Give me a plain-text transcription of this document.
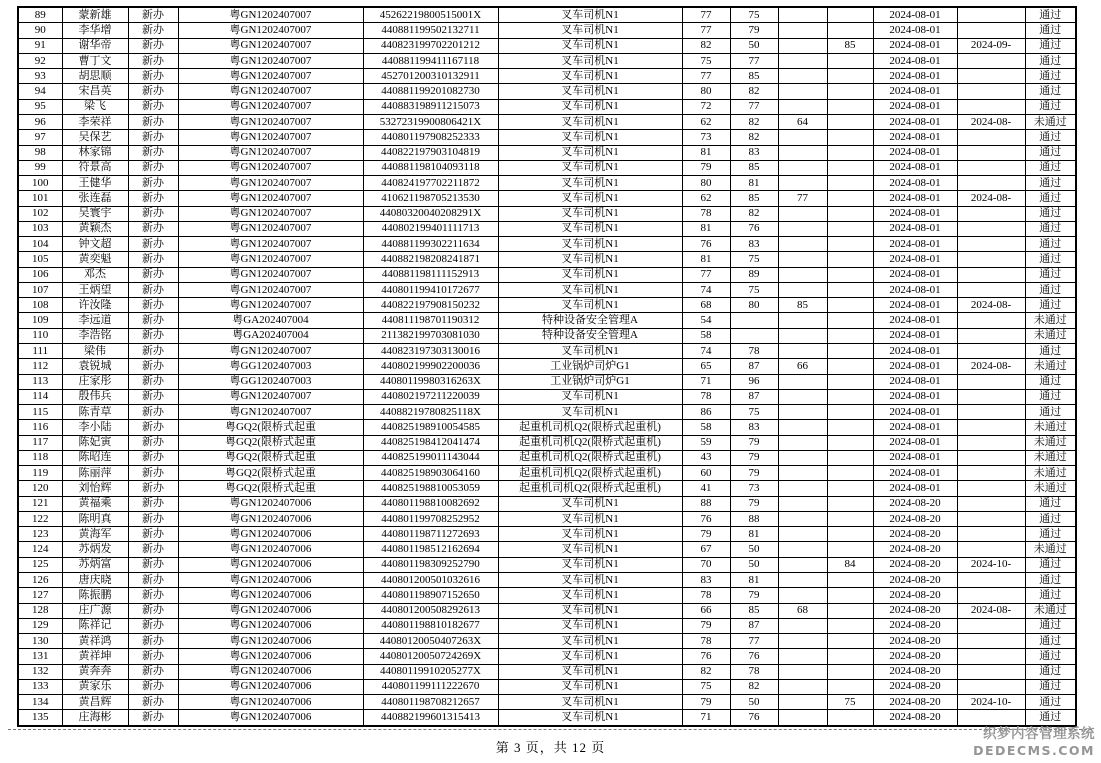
89	蒙新雄	新办	粤GN1202407007	45262219800515001X	叉车司机N1	77	75			2024-08-01		通过
90	李华增	新办	粤GN1202407007	440881199502132711	叉车司机N1	77	79			2024-08-01		通过
91	谢华帝	新办	粤GN1202407007	440823199702201212	叉车司机N1	82	50		85	2024-08-01	2024-09-	通过
92	曹丁文	新办	粤GN1202407007	440881199411167118	叉车司机N1	75	77			2024-08-01		通过
93	胡思顺	新办	粤GN1202407007	452701200310132911	叉车司机N1	77	85			2024-08-01		通过
94	宋昌英	新办	粤GN1202407007	440881199201082730	叉车司机N1	80	82			2024-08-01		通过
95	梁飞	新办	粤GN1202407007	440883198911215073	叉车司机N1	72	77			2024-08-01		通过
96	李荣祥	新办	粤GN1202407007	53272319900806421X	叉车司机N1	62	82	64		2024-08-01	2024-08-	未通过
97	吴保艺	新办	粤GN1202407007	440801197908252333	叉车司机N1	73	82			2024-08-01		通过
98	林家锦	新办	粤GN1202407007	440822197903104819	叉车司机N1	81	83			2024-08-01		通过
99	符景高	新办	粤GN1202407007	440881198104093118	叉车司机N1	79	85			2024-08-01		通过
100	王健华	新办	粤GN1202407007	440824197702211872	叉车司机N1	80	81			2024-08-01		通过
101	张连磊	新办	粤GN1202407007	410621198705213530	叉车司机N1	62	85	77		2024-08-01	2024-08-	通过
102	吴寰宇	新办	粤GN1202407007	44080320040208291X	叉车司机N1	78	82			2024-08-01		通过
103	黄颖杰	新办	粤GN1202407007	440802199401111713	叉车司机N1	81	76			2024-08-01		通过
104	钟文超	新办	粤GN1202407007	440881199302211634	叉车司机N1	76	83			2024-08-01		通过
105	黄奕魁	新办	粤GN1202407007	440882198208241871	叉车司机N1	81	75			2024-08-01		通过
106	邓杰	新办	粤GN1202407007	440881198111152913	叉车司机N1	77	89			2024-08-01		通过
107	王炳望	新办	粤GN1202407007	440801199410172677	叉车司机N1	74	75			2024-08-01		通过
108	许汝隆	新办	粤GN1202407007	440822197908150232	叉车司机N1	68	80	85		2024-08-01	2024-08-	通过
109	李远道	新办	粤GA202407004	440811198701190312	特种设备安全管理A	54				2024-08-01		未通过
110	李浩铭	新办	粤GA202407004	211382199703081030	特种设备安全管理A	58				2024-08-01		未通过
111	梁伟	新办	粤GN1202407007	440823197303130016	叉车司机N1	74	78			2024-08-01		通过
112	袁锐城	新办	粤GG1202407003	440802199902200036	工业锅炉司炉G1	65	87	66		2024-08-01	2024-08-	未通过
113	庄家彤	新办	粤GG1202407003	44080119980316263X	工业锅炉司炉G1	71	96			2024-08-01		通过
114	殷伟兵	新办	粤GN1202407007	440802197211220039	叉车司机N1	78	87			2024-08-01		通过
115	陈青草	新办	粤GN1202407007	44088219780825118X	叉车司机N1	86	75			2024-08-01		通过
116	李小陆	新办	粤GQ2(限桥式起重	440825198910054585	起重机司机Q2(限桥式起重机)	58	83			2024-08-01		未通过
117	陈妃寅	新办	粤GQ2(限桥式起重	440825198412041474	起重机司机Q2(限桥式起重机)	59	79			2024-08-01		未通过
118	陈昭连	新办	粤GQ2(限桥式起重	440825199011143044	起重机司机Q2(限桥式起重机)	43	79			2024-08-01		未通过
119	陈丽萍	新办	粤GQ2(限桥式起重	440825198903064160	起重机司机Q2(限桥式起重机)	60	79			2024-08-01		未通过
120	刘怡辉	新办	粤GQ2(限桥式起重	440825198810053059	起重机司机Q2(限桥式起重机)	41	73			2024-08-01		未通过
121	黄福乘	新办	粤GN1202407006	440801198810082692	叉车司机N1	88	79			2024-08-20		通过
122	陈明真	新办	粤GN1202407006	440801199708252952	叉车司机N1	76	88			2024-08-20		通过
123	黄海军	新办	粤GN1202407006	440801198711272693	叉车司机N1	79	81			2024-08-20		通过
124	苏炳发	新办	粤GN1202407006	440801198512162694	叉车司机N1	67	50			2024-08-20		未通过
125	苏炳富	新办	粤GN1202407006	440801198309252790	叉车司机N1	70	50		84	2024-08-20	2024-10-	通过
126	唐庆晓	新办	粤GN1202407006	440801200501032616	叉车司机N1	83	81			2024-08-20		通过
127	陈振鹏	新办	粤GN1202407006	440801198907152650	叉车司机N1	78	79			2024-08-20		通过
128	庄广源	新办	粤GN1202407006	440801200508292613	叉车司机N1	66	85	68		2024-08-20	2024-08-	未通过
129	陈祥记	新办	粤GN1202407006	440801198810182677	叉车司机N1	79	87			2024-08-20		通过
130	黄祥鸿	新办	粤GN1202407006	44080120050407263X	叉车司机N1	78	77			2024-08-20		通过
131	黄祥坤	新办	粤GN1202407006	44080120050724269X	叉车司机N1	76	76			2024-08-20		通过
132	黄奔奔	新办	粤GN1202407006	44080119910205277X	叉车司机N1	82	78			2024-08-20		通过
133	黄家乐	新办	粤GN1202407006	440801199111222670	叉车司机N1	75	82			2024-08-20		通过
134	黄昌辉	新办	粤GN1202407006	440801198708212657	叉车司机N1	79	50		75	2024-08-20	2024-10-	通过
135	庄海彬	新办	粤GN1202407006	440882199601315413	叉车司机N1	71	76			2024-08-20		通过
第 3 页，共 12 页
织梦内容管理系统
DEDECMS.COM
